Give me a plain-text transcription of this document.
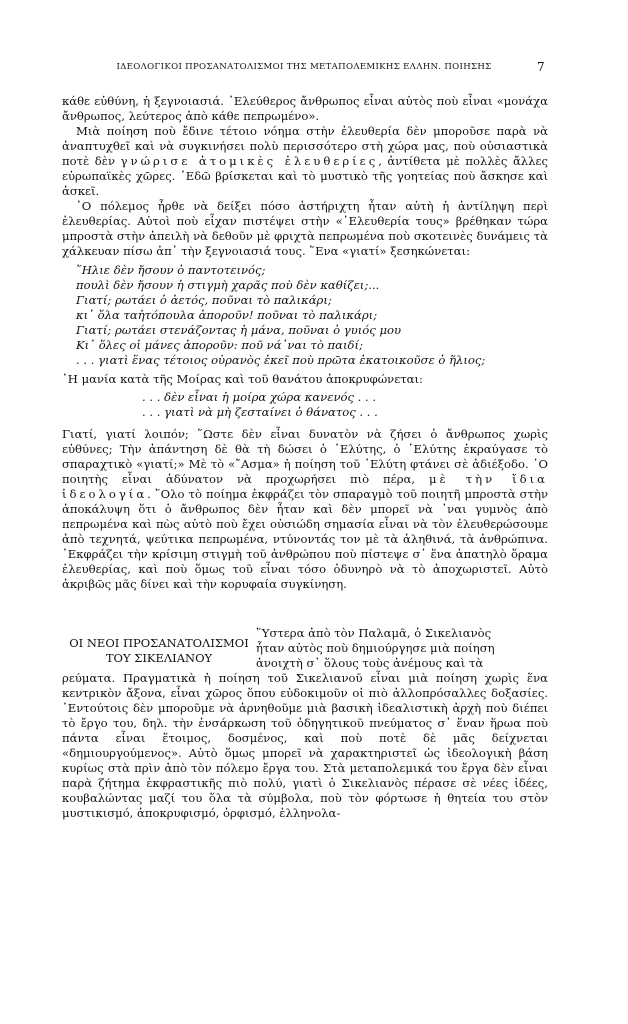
ΙΔΕΟΛΟΓΙΚΟΙ ΠΡΟΣΑΝΑΤΟΛΙΣΜΟΙ ΤΗΣ ΜΕΤΑΠΟΛΕΜΙΚΗΣ ΕΛΛΗΝ. ΠΟΙΗΣΗΣ	7

κάθε εὐθύνη, ἡ ξεγνοιασιά. ᾿Ελεύθερος ἄνθρωπος εἶναι αὐτὸς ποὺ εἶναι «μονάχα ἄνθρωπος, λεύτερος ἀπὸ κάθε πεπρωμένο».

Μιὰ ποίηση ποὺ ἔδινε τέτοιο νόημα στὴν ἐλευθερία δὲν μποροῦσε παρὰ νὰ ἀναπτυχθεῖ καὶ νὰ συγκινήσει πολὺ περισσότερο στὴ χώρα μας, ποὺ οὐσιαστικὰ ποτὲ δὲν γνώρισε ἀτομικὲς ἐλευθερίες, ἀντίθετα μὲ πολλὲς ἄλλες εὐρωπαϊκὲς χῶρες. ᾿Εδῶ βρίσκεται καὶ τὸ μυστικὸ τῆς γοητείας ποὺ ἄσκησε καὶ ἀσκεῖ.

῾Ο πόλεμος ἦρθε νὰ δείξει πόσο ἀστήριχτη ἦταν αὐτὴ ἡ ἀντίληψη περὶ ἐλευθερίας. Αὐτοὶ ποὺ εἶχαν πιστέψει στὴν «᾿Ελευθερία τους» βρέθηκαν τώρα μπροστὰ στὴν ἀπειλὴ νὰ δεθοῦν μὲ φριχτὰ πεπρωμένα ποὺ σκοτεινὲς δυνάμεις τὰ χάλκευαν πίσω ἀπ᾿ τὴν ξεγνοιασιά τους. ῞Ενα «γιατί» ξεσηκώνεται:

῞Ηλιε δὲν ἤσουν ὁ παντοτεινός;
πουλὶ δὲν ἤσουν ἡ στιγμὴ χαρᾶς ποὺ δὲν καθίζει;...
Γιατί; ρωτάει ὁ ἀετός, ποῦναι τὸ παλικάρι;
κι᾿ ὅλα ταἠτόπουλα ἀπορoῦν! ποῦναι τὸ παλικάρι;
Γιατί; ρωτάει στενάζοντας ἡ μάνα, ποῦναι ὁ γυιός μου
Κι᾿ ὅλες οἱ μάνες ἀποροῦν: ποῦ νά᾿ναι τὸ παιδί;
. . . γιατὶ ἕνας τέτοιος οὐρανὸς ἐκεῖ ποὺ πρῶτα ἐκατοικοῦσε ὁ ἥλιος;

῾Η μανία κατὰ τῆς Μοίρας καὶ τοῦ θανάτου ἀποκρυφώνεται:

. . . δὲν εἶναι ἡ μοίρα χώρα κανενός . . .
. . . γιατὶ νὰ μὴ ζεσταίνει ὁ θάνατος . . .

Γιατί, γιατί λοιπόν; ῞Ωστε δὲν εἶναι δυνατὸν νὰ ζήσει ὁ ἄνθρωπος χωρὶς εὐθύνες; Τὴν ἀπάντηση δὲ θὰ τὴ δώσει ὁ ᾿Ελύτης, ὁ ᾿Ελύτης ἐκραύγασε τὸ σπαραχτικὸ «γιατί;» Μὲ τὸ «῎Ασμα» ἡ ποίηση τοῦ ᾿Ελύτη φτάνει σὲ ἀδιέξοδο. ῾Ο ποιητὴς εἶναι ἀδύνατον νὰ προχωρήσει πιὸ πέρα, μὲ τὴν ἴδια ἰδεολογία. ῞Ολο τὸ ποίημα ἐκφράζει τὸν σπαραγμὸ τοῦ ποιητῆ μπροστὰ στὴν ἀποκάλυψη ὅτι ὁ ἄνθρωπος δὲν ἦταν καὶ δὲν μπορεῖ νὰ ᾿ναι γυμνὸς ἀπὸ πεπρωμένα καὶ πὼς αὐτὸ ποὺ ἔχει οὐσιώδη σημασία εἶναι νὰ τὸν ἐλευθερώσουμε ἀπὸ τεχνητά, ψεύτικα πεπρωμένα, ντύνοντάς τον μὲ τὰ ἀληθινά, τὰ ἀνθρώπινα. ᾿Εκφράζει τὴν κρίσιμη στιγμὴ τοῦ ἀνθρώπου ποὺ πίστεψε σ᾿ ἕνα ἀπατηλὸ ὅραμα ἐλευθερίας, καὶ ποὺ ὅμως τοῦ εἶναι τόσο ὀδυνηρὸ νὰ τὸ ἀποχωριστεῖ. Αὐτὸ ἀκριβῶς μᾶς δίνει καὶ τὴν κορυφαία συγκίνηση.

ΟΙ ΝΕΟΙ ΠΡΟΣΑΝΑΤΟΛΙΣΜΟΙ
ΤΟΥ ΣΙΚΕΛΙΑΝΟΥ
῞Υστερα ἀπὸ τὸν Παλαμᾶ, ὁ Σικελιανὸς
ἦταν αὐτὸς ποὺ δημιούργησε μιὰ ποίηση
ἀνοιχτὴ σ᾿ ὅλους τοὺς ἀνέμους καὶ τὰ

ρεύματα. Πραγματικὰ ἡ ποίηση τοῦ Σικελιανοῦ εἶναι μιὰ ποίηση χωρὶς ἕνα κεντρικὸν ἄξονα, εἶναι χῶρος ὅπου εὐδοκιμοῦν οἱ πιὸ ἀλλοπρόσαλλες δοξασίες. ᾿Εντούτοις δὲν μποροῦμε νὰ ἀρνηθοῦμε μιὰ βασικὴ ἰδεαλιστικὴ ἀρχὴ ποὺ διέπει τὸ ἔργο του, δηλ. τὴν ἐνσάρκωση τοῦ ὁδηγητικοῦ πνεύματος σ᾿ ἕναν ἥρωα ποὺ πάντα εἶναι ἕτοιμος, δοσμένος, καὶ ποὺ ποτὲ δὲ μᾶς δείχνεται «δημιουργούμενος». Αὐτὸ ὅμως μπορεῖ νὰ χαρακτηριστεῖ ὡς ἰδεολογικὴ βάση κυρίως στὰ πρὶν ἀπὸ τὸν πόλεμο ἔργα του. Στὰ μεταπολεμικά του ἔργα δὲν εἶναι παρὰ ζήτημα ἐκφραστικῆς πιὸ πολύ, γιατὶ ὁ Σικελιανὸς πέρασε σὲ νέες ἰδέες, κουβαλώντας μαζί του ὅλα τὰ σύμβολα, ποὺ τὸν φόρτωσε ἡ θητεία του στὸν μυστικισμό, ἀποκρυφισμό, ὀρφισμό, ἑλληνολα-
